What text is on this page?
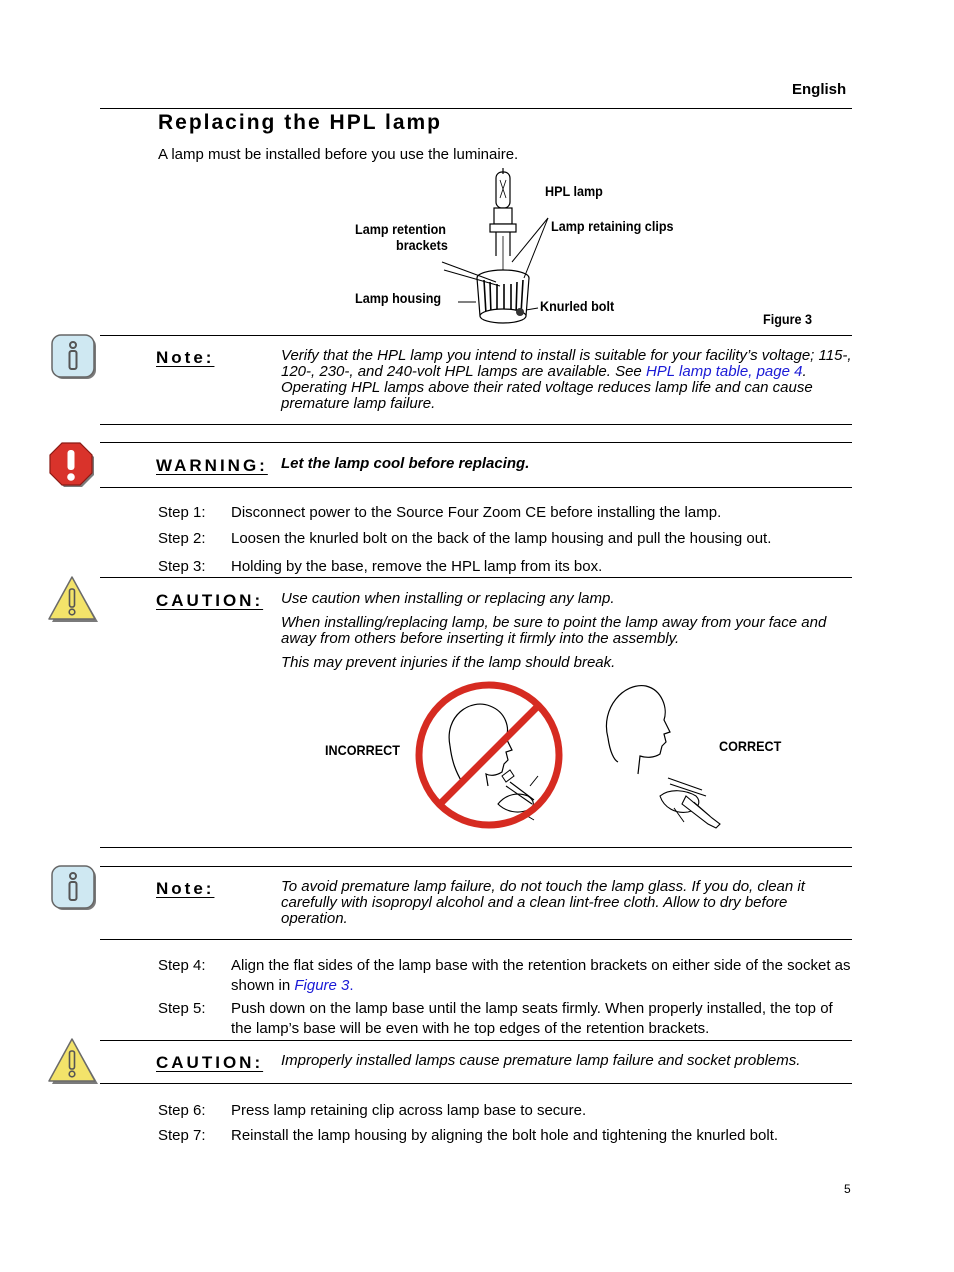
English
Replacing the HPL lamp
A lamp must be installed before you use the luminaire.
HPL lamp
Lamp retention
brackets
Lamp retaining clips
Lamp housing	Knurled bolt
Figure 3
Note:	Verify that the HPL lamp you intend to install is suitable for your facility’s voltage; 115-, 120-, 230-, and 240-volt HPL lamps are available. See HPL lamp table, page 4. Operating HPL lamps above their rated voltage reduces lamp life and can cause premature lamp failure.
WARNING: Let the lamp cool before replacing.
Step 1: Disconnect power to the Source Four Zoom CE before installing the lamp.
Step 2: Loosen the knurled bolt on the back of the lamp housing and pull the housing out.
Step 3: Holding by the base, remove the HPL lamp from its box.
CAUTION: Use caution when installing or replacing any lamp.
When installing/replacing lamp, be sure to point the lamp away from your face and away from others before inserting it firmly into the assembly.
This may prevent injuries if the lamp should break.
INCORRECT	CORRECT
Note:	To avoid premature lamp failure, do not touch the lamp glass. If you do, clean it carefully with isopropyl alcohol and a clean lint-free cloth. Allow to dry before operation.
Step 4: Align the flat sides of the lamp base with the retention brackets on either side of the socket as shown in Figure 3.
Step 5: Push down on the lamp base until the lamp seats firmly. When properly installed, the top of the lamp’s base will be even with he top edges of the retention brackets.
CAUTION: Improperly installed lamps cause premature lamp failure and socket problems.
Step 6: Press lamp retaining clip across lamp base to secure.
Step 7: Reinstall the lamp housing by aligning the bolt hole and tightening the knurled bolt.
5
